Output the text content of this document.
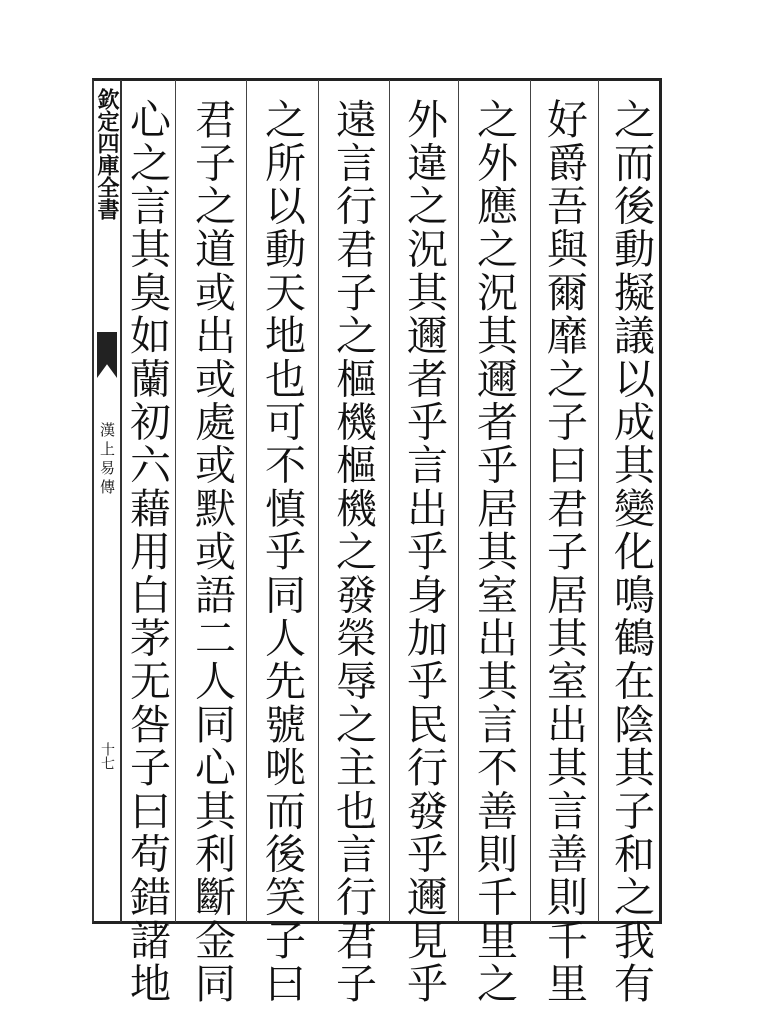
欽定四庫全書
漢上易傳
十七	之而後動擬議以成其變化鳴鶴在陰其子和之我有
好爵吾與爾靡之子曰君子居其室出其言善則千里
之外應之況其邇者乎居其室出其言不善則千里之
外違之況其邇者乎言出乎身加乎民行發乎邇見乎
遠言行君子之樞機樞機之發榮辱之主也言行君子
之所以動天地也可不慎乎同人先號咷而後笑子曰
君子之道或出或處或默或語二人同心其利斷金同
心之言其臭如蘭初六藉用白茅无咎子曰苟錯諸地
